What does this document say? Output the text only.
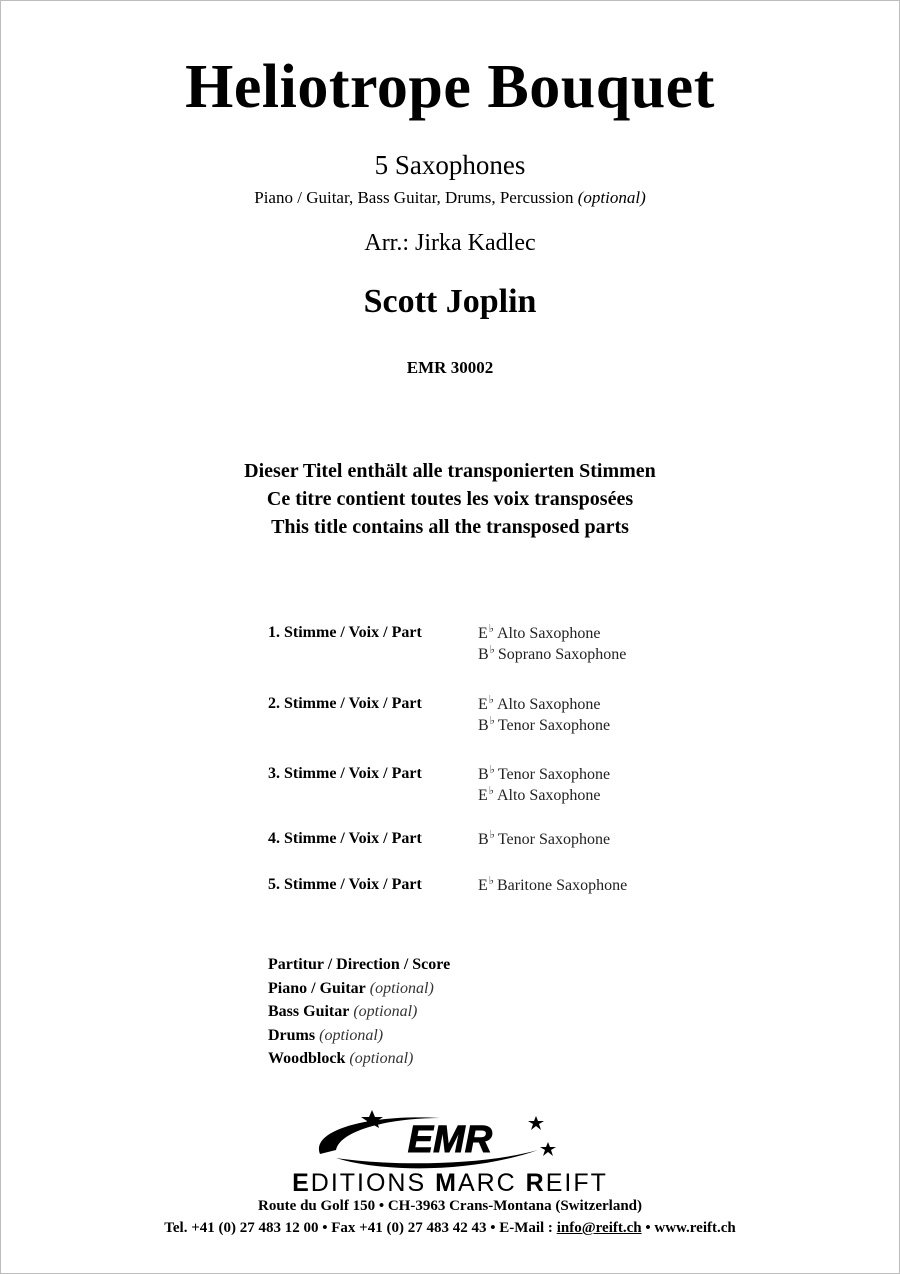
Heliotrope Bouquet
5 Saxophones
Piano / Guitar, Bass Guitar, Drums, Percussion (optional)
Arr.: Jirka Kadlec
Scott Joplin
EMR 30002
Dieser Titel enthält alle transponierten Stimmen
Ce titre contient toutes les voix transposées
This title contains all the transposed parts
1. Stimme / Voix / Part	E♭ Alto Saxophone
B♭ Soprano Saxophone
2. Stimme / Voix / Part	E♭ Alto Saxophone
B♭ Tenor Saxophone
3. Stimme / Voix / Part	B♭ Tenor Saxophone
E♭ Alto Saxophone
4. Stimme / Voix / Part	B♭ Tenor Saxophone
5. Stimme / Voix / Part	E♭ Baritone Saxophone
Partitur / Direction / Score
Piano / Guitar (optional)
Bass Guitar (optional)
Drums (optional)
Woodblock (optional)
EMR
EDITIONS MARC REIFT
Route du Golf 150 • CH-3963 Crans-Montana (Switzerland)
Tel. +41 (0) 27 483 12 00 • Fax +41 (0) 27 483 42 43 • E-Mail : info@reift.ch • www.reift.ch
